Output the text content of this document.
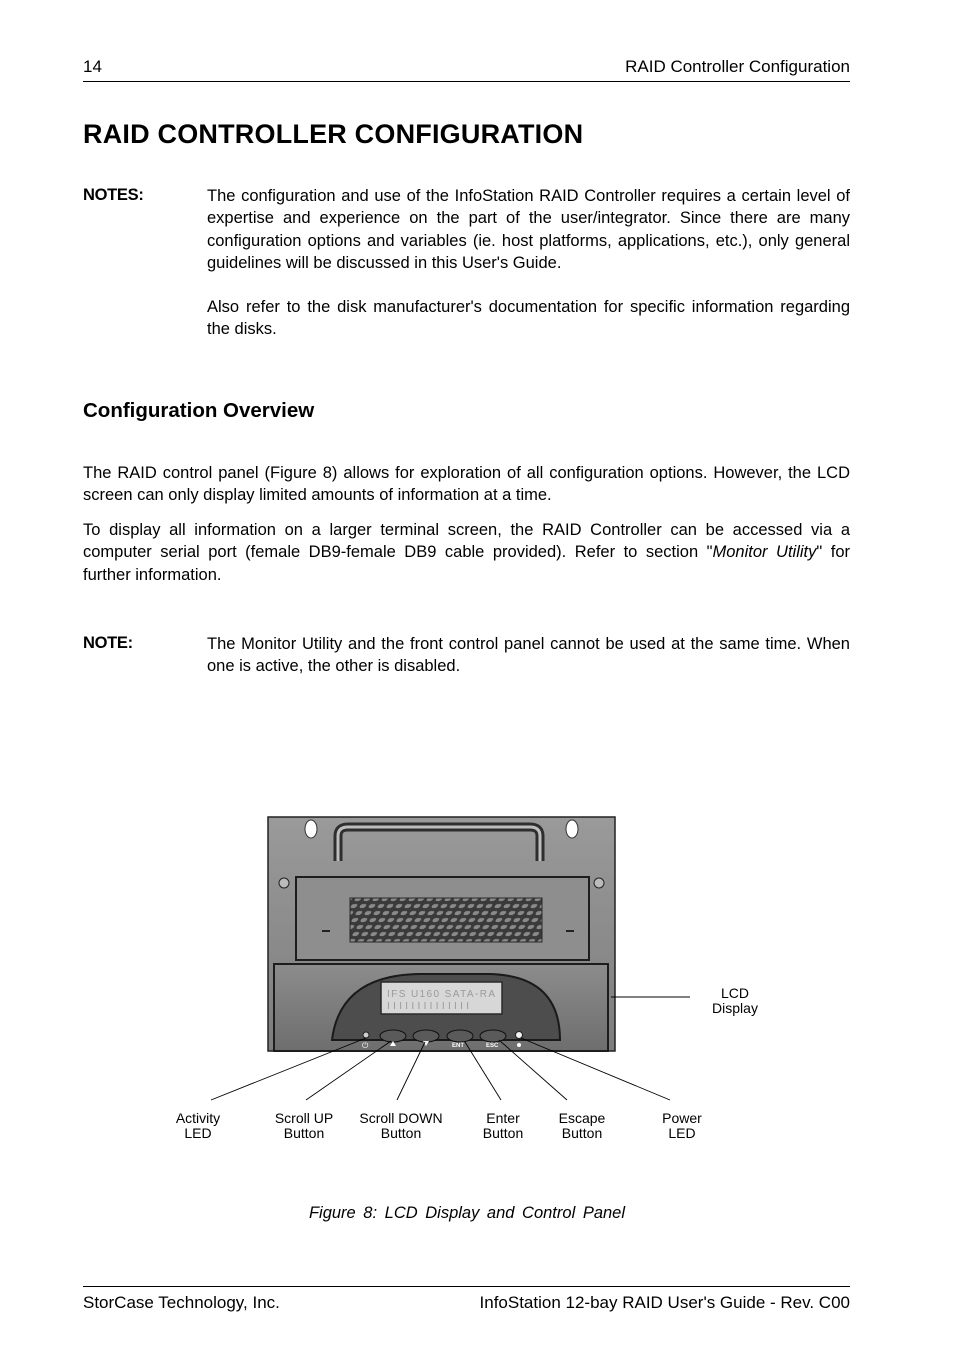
14	RAID Controller Configuration
RAID CONTROLLER CONFIGURATION
NOTES:	The configuration and use of the InfoStation RAID Controller requires a certain level of expertise and experience on the part of the user/integrator. Since there are many configuration options and variables (ie. host platforms, applications, etc.), only general guidelines will be discussed in this User's Guide.

Also refer to the disk manufacturer's documentation for specific information regarding the disks.

Configuration Overview

The RAID control panel (Figure 8) allows for exploration of all configuration options. However, the LCD screen can only display limited amounts of information at a time.

To display all information on a larger terminal screen, the RAID Controller can be accessed via a computer serial port (female DB9-female DB9 cable provided). Refer to section "Monitor Utility" for further information.

NOTE:	The Monitor Utility and the front control panel cannot be used at the same time. When one is active, the other is disabled.

IFS U160 SATA-RA
IIIIIIIIIIIIII
⏻	ENT	ESC
LCD
Display
Activity
LED
Scroll UP
Button
Scroll DOWN
Button
Enter
Button
Escape
Button
Power
LED
Figure 8: LCD Display and Control Panel
StorCase Technology, Inc.	InfoStation 12-bay RAID User's Guide - Rev. C00
